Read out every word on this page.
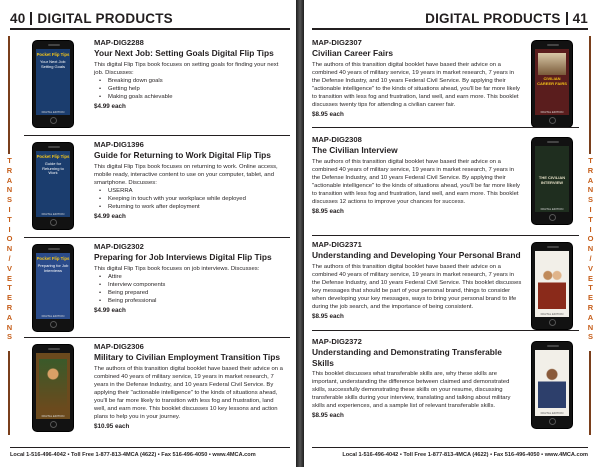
40 DIGITAL PRODUCTS
T
R
A
N
S
I
T
I
O
N
/
V
E
T
E
R
A
N
S
Pocket Flip Tips
Your Next Job: Setting Goals
DIGITAL EDITION
MAP-DIG2288
Your Next Job: Setting Goals Digital Flip Tips
This digital Flip Tips book focuses on setting goals for finding your next job. Discusses:
• Breaking down goals
• Getting help
• Making goals achievable
$4.99 each
Pocket Flip Tips
Guide for Returning to Work
DIGITAL EDITION
MAP-DIG1396
Guide for Returning to Work Digital Flip Tips
This digital Flip Tips book focuses on returning to work. Online access, mobile ready, interactive content to use on your computer, tablet, and smartphone. Discusses:
• USERRA
• Keeping in touch with your workplace while deployed
• Returning to work after deployment
$4.99 each
Pocket Flip Tips
Preparing for Job Interviews
DIGITAL EDITION
MAP-DIG2302
Preparing for Job Interviews Digital Flip Tips
This digital Flip Tips book focuses on job interviews. Discusses:
• Attire
• Interview components
• Being prepared
• Being professional
$4.99 each
DIGITAL EDITION
MAP-DIG2306
Military to Civilian Employment Transition Tips
The authors of this transition digital booklet have based their advice on a combined 40 years of military service, 19 years in market research, 7 years in the Defense Industry, and 10 years Federal Civil Service. By applying their "actionable intelligence" to the kinds of situations ahead, you'll be far more likely to transition with less fog and frustration, land well, and earn more. This booklet discusses 10 key lessons and action plans to help you in your journey.
$10.95 each
Local 1-516-496-4042 • Toll Free 1-877-813-4MCA (4622) • Fax 516-496-4050 • www.4MCA.com
DIGITAL PRODUCTS 41
T
R
A
N
S
I
T
I
O
N
/
V
E
T
E
R
A
N
S
MAP-DIG2307
Civilian Career Fairs
The authors of this transition digital booklet have based their advice on a combined 40 years of military service, 19 years in market research, 7 years in the Defense Industry, and 10 years Federal Civil Service. By applying their "actionable intelligence" to the kinds of situations ahead, you'll be far more likely to transition with less fog and frustration, land well, and earn more. This booklet discusses twenty tips for attending a civilian career fair.
$8.95 each
CIVILIAN CAREER FAIRS
DIGITAL EDITION
MAP-DIG2308
The Civilian Interview
The authors of this transition digital booklet have based their advice on a combined 40 years of military service, 19 years in market research, 7 years in the Defense Industry, and 10 years Federal Civil Service. By applying their "actionable intelligence" to the kinds of situations ahead, you'll be far more likely to transition with less fog and frustration, land well, and earn more. This booklet discusses 12 actions to improve your chances for success.
$8.95 each
THE CIVILIAN INTERVIEW
DIGITAL EDITION
MAP-DIG2371
Understanding and Developing Your Personal Brand
The authors of this transition digital booklet have based their advice on a combined 40 years of military service, 19 years in market research, 7 years in the Defense Industry, and 10 years Federal Civil Service. This booklet discusses key messages that should be part of your personal brand, things to consider when developing your key messages, ways to bring your personal brand to life during the job search, and the importance of being consistent.
$8.95 each	DIGITAL EDITION
MAP-DIG2372
Understanding and Demonstrating Transferable Skills
This booklet discusses what transferable skills are, why these skills are important, understanding the difference between claimed and demonstrated skills, successfully demonstrating these skills on your resume, discussing transferable skills during your interview, translating and talking about military skills and experiences, and a sample list of relevant transferable skills.
$8.95 each	DIGITAL EDITION
Local 1-516-496-4042 • Toll Free 1-877-813-4MCA (4622) • Fax 516-496-4050 • www.4MCA.com
